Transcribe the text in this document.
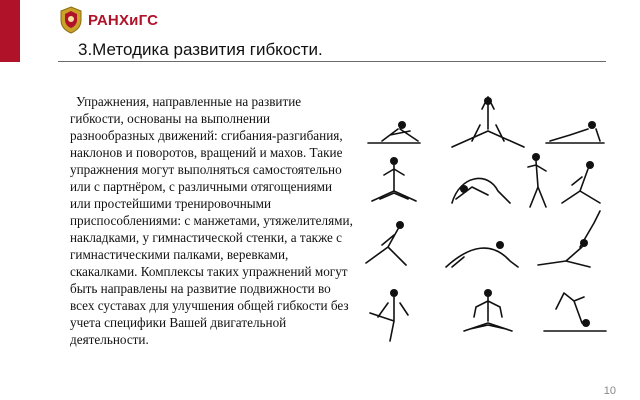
РАНХиГС
3.Методика развития гибкости.
Упражнения, направленные на развитие гибкости, основаны на выполнении разнообразных движений: сгибания-разгибания, наклонов и поворотов, вращений и махов. Такие упражнения могут выполняться самостоятельно или с партнёром, с различными отягощениями или простейшими тренировочными приспособлениями: с манжетами, утяжелителями, накладками, у гимнастической стенки, а также с гимнастическими палками, веревками, скакалками. Комплексы таких упражнений могут быть направлены на развитие подвижности во всех суставах для улучшения общей гибкости без учета специфики Вашей двигательной деятельности.
10
